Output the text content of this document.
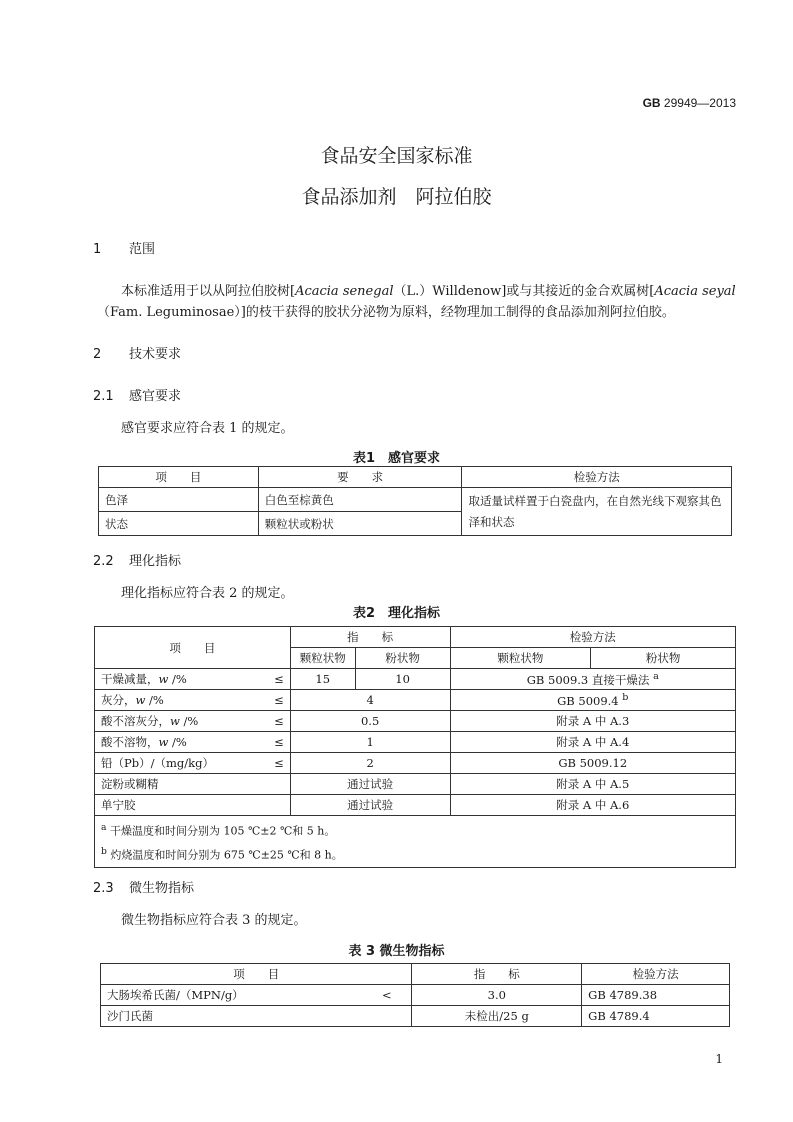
GB 29949—2013
食品安全国家标准
食品添加剂　阿拉伯胶
1 范围
本标准适用于以从阿拉伯胶树[Acacia senegal（L.）Willdenow]或与其接近的金合欢属树[Acacia seyal（Fam. Leguminosae）]的枝干获得的胶状分泌物为原料，经物理加工制得的食品添加剂阿拉伯胶。
2 技术要求
2.1 感官要求
感官要求应符合表 1 的规定。
表1　感官要求
项　　目	要　　求	检验方法
色泽	白色至棕黄色	取适量试样置于白瓷盘内，在自然光线下观察其色泽和状态
状态	颗粒状或粉状	
2.2 理化指标
理化指标应符合表 2 的规定。
表2　理化指标
项　　目		指　　标		检验方法	
		颗粒状物	粉状物	颗粒状物	粉状物
干燥减量，w /%	≤	15	10	GB 5009.3 直接干燥法 $^a$
灰分，w /%	≤	4		GB 5009.4 $^b$
酸不溶灰分，w /%	≤	0.5		附录 A 中 A.3	
酸不溶物，w /%	≤	1		附录 A 中 A.4	
铅（Pb）/（mg/kg）	≤	2		GB 5009.12	
淀粉或糊精		通过试验		附录 A 中 A.5	
单宁胶		通过试验		附录 A 中 A.6	

$^a$ 干燥温度和时间分别为 105 ℃±2 ℃和 5 h。
$^b$ 灼烧温度和时间分别为 675 ℃±25 ℃和 8 h。					
2.3 微生物指标
微生物指标应符合表 3 的规定。
表 3 微生物指标
项　　目		指　　标	检验方法
大肠埃希氏菌/（MPN/g）	<	3.0	GB 4789.38
沙门氏菌		未检出/25 g	GB 4789.4
1
